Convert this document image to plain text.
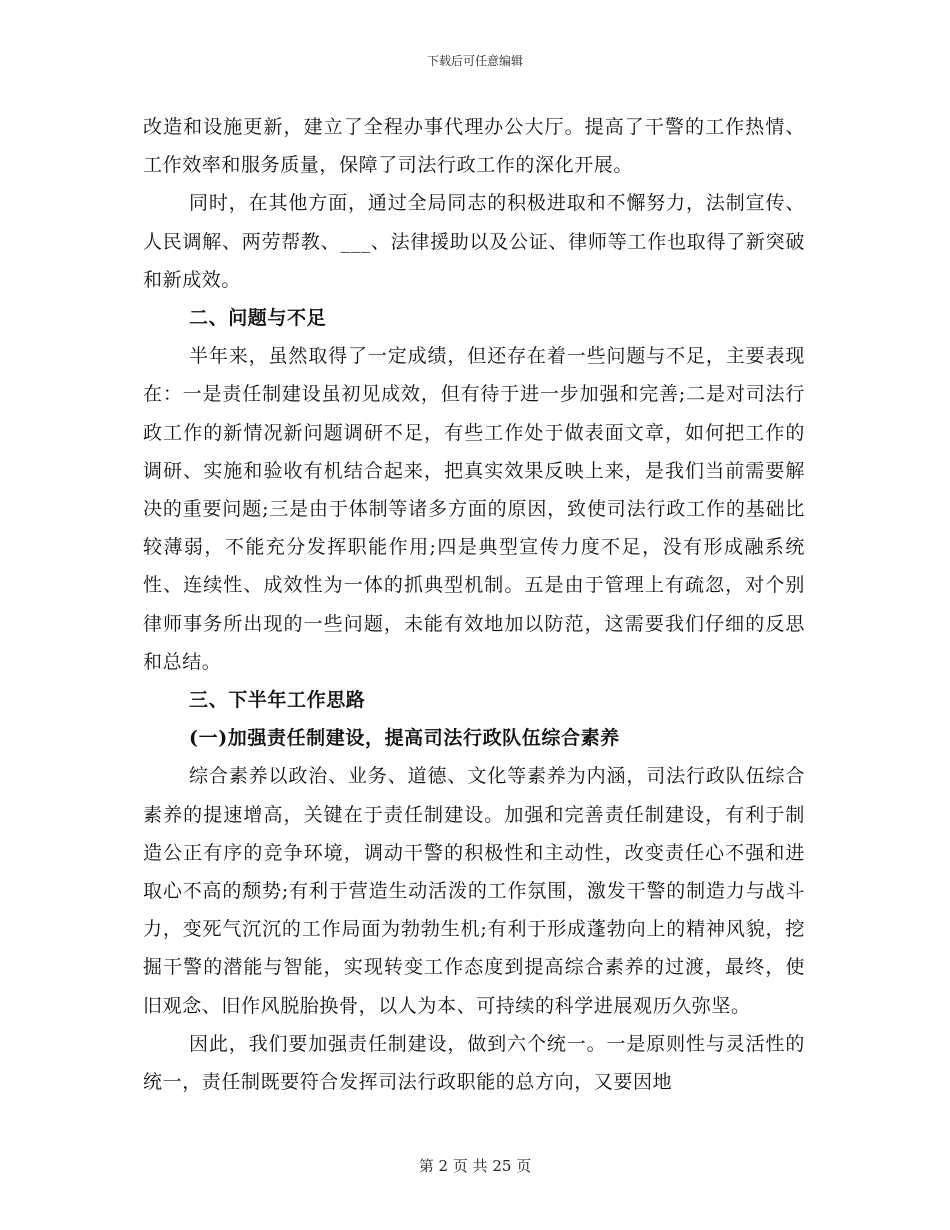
下载后可任意编辑

改造和设施更新，建立了全程办事代理办公大厅。提高了干警的工作热情、工作效率和服务质量，保障了司法行政工作的深化开展。

同时，在其他方面，通过全局同志的积极进取和不懈努力，法制宣传、人民调解、两劳帮教、___、法律援助以及公证、律师等工作也取得了新突破和新成效。

二、问题与不足

半年来，虽然取得了一定成绩，但还存在着一些问题与不足，主要表现在：一是责任制建设虽初见成效，但有待于进一步加强和完善;二是对司法行政工作的新情况新问题调研不足，有些工作处于做表面文章，如何把工作的调研、实施和验收有机结合起来，把真实效果反映上来，是我们当前需要解决的重要问题;三是由于体制等诸多方面的原因，致使司法行政工作的基础比较薄弱，不能充分发挥职能作用;四是典型宣传力度不足，没有形成融系统性、连续性、成效性为一体的抓典型机制。五是由于管理上有疏忽，对个别律师事务所出现的一些问题，未能有效地加以防范，这需要我们仔细的反思和总结。

三、下半年工作思路

(一)加强责任制建设，提高司法行政队伍综合素养

综合素养以政治、业务、道德、文化等素养为内涵，司法行政队伍综合素养的提速增高，关键在于责任制建设。加强和完善责任制建设，有利于制造公正有序的竞争环境，调动干警的积极性和主动性，改变责任心不强和进取心不高的颓势;有利于营造生动活泼的工作氛围，激发干警的制造力与战斗力，变死气沉沉的工作局面为勃勃生机;有利于形成蓬勃向上的精神风貌，挖掘干警的潜能与智能，实现转变工作态度到提高综合素养的过渡，最终，使旧观念、旧作风脱胎换骨，以人为本、可持续的科学进展观历久弥坚。

因此，我们要加强责任制建设，做到六个统一。一是原则性与灵活性的统一，责任制既要符合发挥司法行政职能的总方向，又要因地

第 2 页 共 25 页
